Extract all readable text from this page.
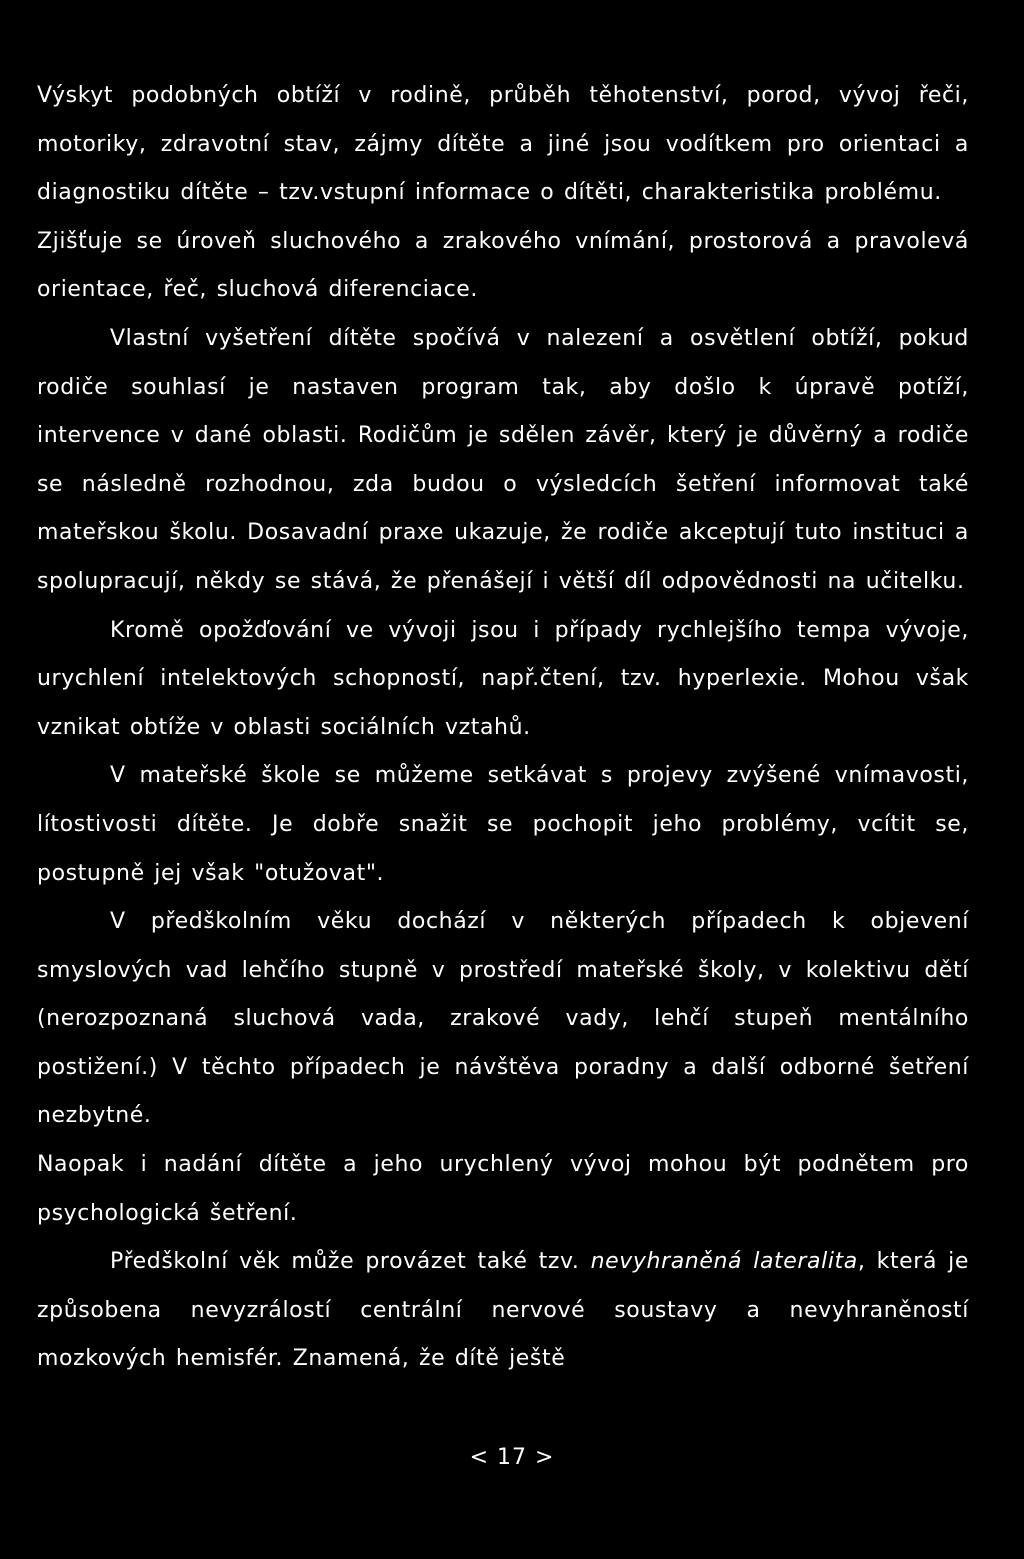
Výskyt podobných obtíží v rodině, průběh těhotenství, porod, vývoj řeči, motoriky, zdravotní stav, zájmy dítěte a jiné jsou vodítkem pro orientaci a diagnostiku dítěte – tzv.vstupní informace o dítěti, charakteristika problému.

Zjišťuje se úroveň sluchového a zrakového vnímání, prostorová a pravolevá orientace, řeč, sluchová diferenciace.

Vlastní vyšetření dítěte spočívá v nalezení a osvětlení obtíží, pokud rodiče souhlasí je nastaven program tak, aby došlo k úpravě potíží, intervence v dané oblasti. Rodičům je sdělen závěr, který je důvěrný a rodiče se následně rozhodnou, zda budou o výsledcích šetření informovat také mateřskou školu. Dosavadní praxe ukazuje, že rodiče akceptují tuto instituci a spolupracují, někdy se stává, že přenášejí i větší díl odpovědnosti na učitelku.

Kromě opožďování ve vývoji jsou i případy rychlejšího tempa vývoje, urychlení intelektových schopností, např.čtení, tzv. hyperlexie. Mohou však vznikat obtíže v oblasti sociálních vztahů.

V mateřské škole se můžeme setkávat s projevy zvýšené vnímavosti, lítostivosti dítěte. Je dobře snažit se pochopit jeho problémy, vcítit se, postupně jej však "otužovat".

V předškolním věku dochází v některých případech k objevení smyslových vad lehčího stupně v prostředí mateřské školy, v kolektivu dětí (nerozpoznaná sluchová vada, zrakové vady, lehčí stupeň mentálního postižení.) V těchto případech je návštěva poradny a další odborné šetření nezbytné.

Naopak i nadání dítěte a jeho urychlený vývoj mohou být podnětem pro psychologická šetření.

Předškolní věk může provázet také tzv. nevyhraněná lateralita, která je způsobena nevyzrálostí centrální nervové soustavy a nevyhraněností mozkových hemisfér. Znamená, že dítě ještě

< 17 >
